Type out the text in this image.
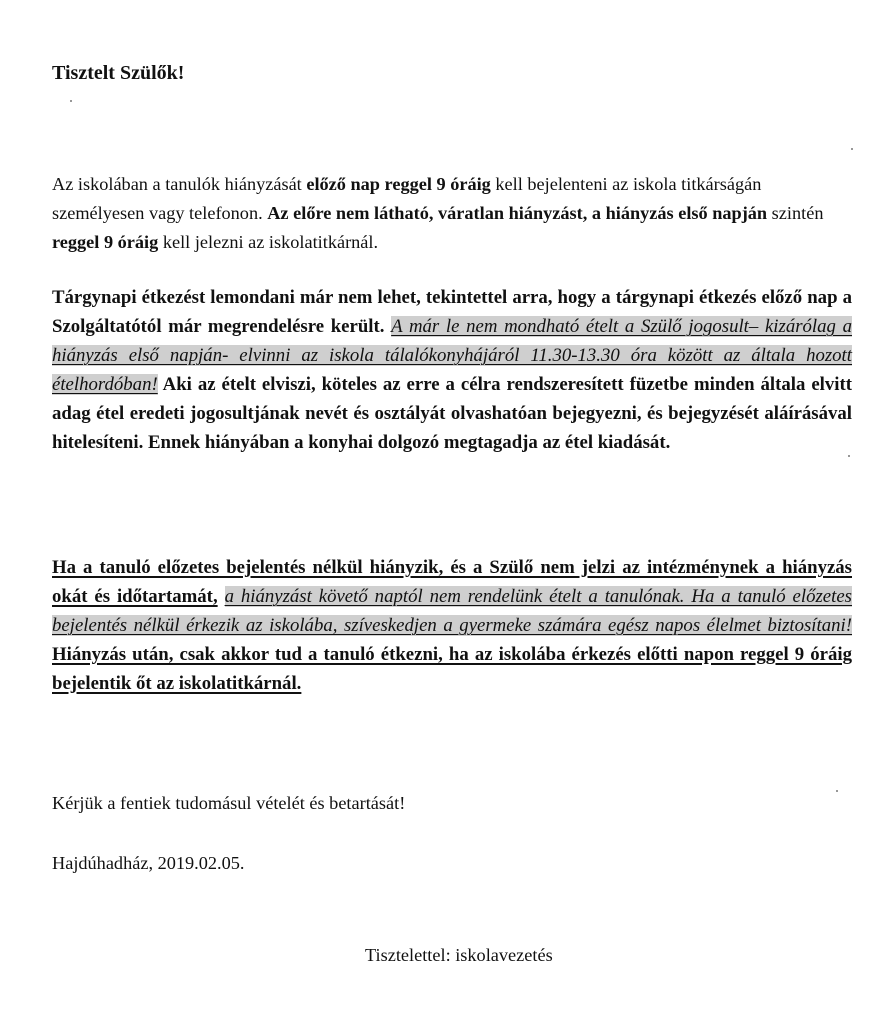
Tisztelt Szülők!

Az iskolában a tanulók hiányzását előző nap reggel 9 óráig kell bejelenteni az iskola titkárságán személyesen vagy telefonon. Az előre nem látható, váratlan hiányzást, a hiányzás első napján szintén reggel 9 óráig kell jelezni az iskolatitkárnál.

Tárgynapi étkezést lemondani már nem lehet, tekintettel arra, hogy a tárgynapi étkezés előző nap a Szolgáltatótól már megrendelésre került. A már le nem mondható ételt a Szülő jogosult– kizárólag a hiányzás első napján- elvinni az iskola tálalókonyhájáról 11.30-13.30 óra között az általa hozott ételhordóban! Aki az ételt elviszi, köteles az erre a célra rendszeresített füzetbe minden általa elvitt adag étel eredeti jogosultjának nevét és osztályát olvashatóan bejegyezni, és bejegyzését aláírásával hitelesíteni. Ennek hiányában a konyhai dolgozó megtagadja az étel kiadását.

Ha a tanuló előzetes bejelentés nélkül hiányzik, és a Szülő nem jelzi az intézménynek a hiányzás okát és időtartamát, a hiányzást követő naptól nem rendelünk ételt a tanulónak. Ha a tanuló előzetes bejelentés nélkül érkezik az iskolába, szíveskedjen a gyermeke számára egész napos élelmet biztosítani! Hiányzás után, csak akkor tud a tanuló étkezni, ha az iskolába érkezés előtti napon reggel 9 óráig bejelentik őt az iskolatitkárnál.

Kérjük a fentiek tudomásul vételét és betartását!

Hajdúhadház, 2019.02.05.

Tisztelettel: iskolavezetés
